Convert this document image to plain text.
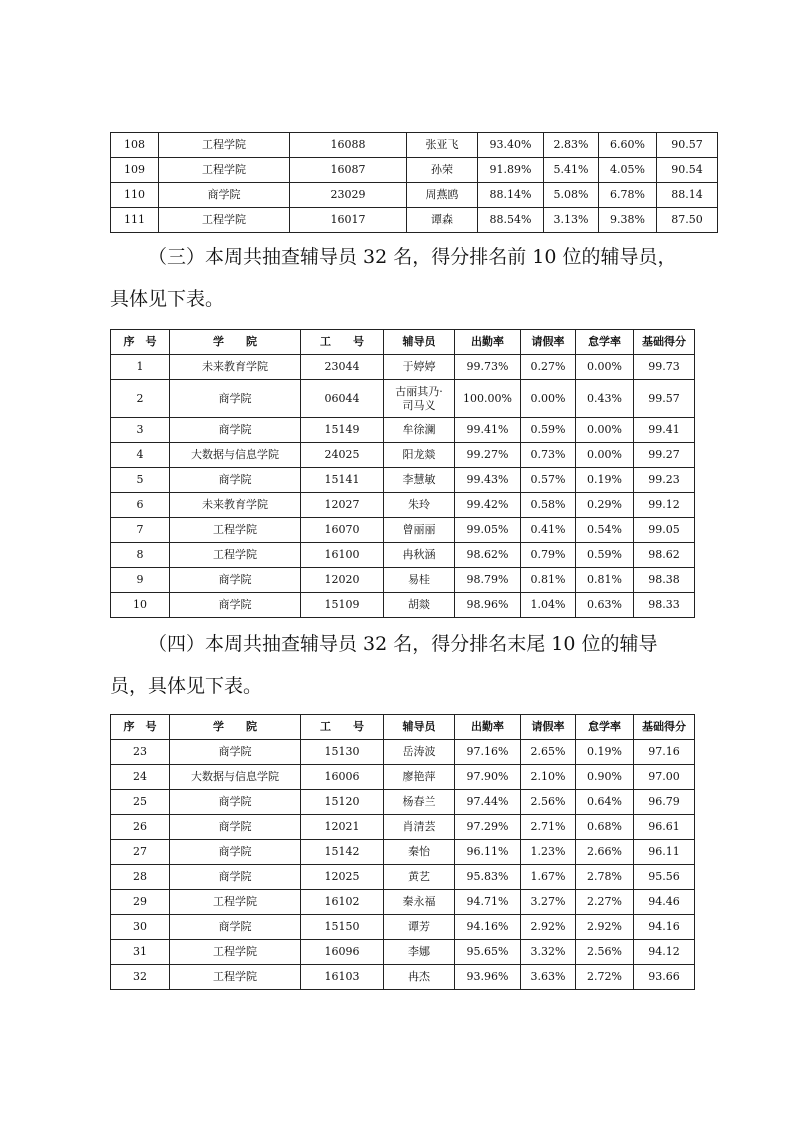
108	工程学院	16088	张亚飞	93.40%	2.83%	6.60%	90.57
109	工程学院	16087	孙荣	91.89%	5.41%	4.05%	90.54
110	商学院	23029	周燕鸥	88.14%	5.08%	6.78%	88.14
111	工程学院	16017	谭森	88.54%	3.13%	9.38%	87.50
（三）本周共抽查辅导员 32 名，得分排名前 10 位的辅导员，
具体见下表。
序　号	学　　院	工　　号	辅导员	出勤率	请假率	怠学率	基础得分
1	未来教育学院	23044	于婷婷	99.73%	0.27%	0.00%	99.73
2	商学院	06044	古丽其乃·司马义	100.00%	0.00%	0.43%	99.57
3	商学院	15149	牟徐澜	99.41%	0.59%	0.00%	99.41
4	大数据与信息学院	24025	阳龙燚	99.27%	0.73%	0.00%	99.27
5	商学院	15141	李慧敏	99.43%	0.57%	0.19%	99.23
6	未来教育学院	12027	朱玲	99.42%	0.58%	0.29%	99.12
7	工程学院	16070	曾丽丽	99.05%	0.41%	0.54%	99.05
8	工程学院	16100	冉秋涵	98.62%	0.79%	0.59%	98.62
9	商学院	12020	易桂	98.79%	0.81%	0.81%	98.38
10	商学院	15109	胡燚	98.96%	1.04%	0.63%	98.33
（四）本周共抽查辅导员 32 名，得分排名末尾 10 位的辅导
员，具体见下表。
序　号	学　　院	工　　号	辅导员	出勤率	请假率	怠学率	基础得分
23	商学院	15130	岳涛波	97.16%	2.65%	0.19%	97.16
24	大数据与信息学院	16006	廖艳萍	97.90%	2.10%	0.90%	97.00
25	商学院	15120	杨春兰	97.44%	2.56%	0.64%	96.79
26	商学院	12021	肖清芸	97.29%	2.71%	0.68%	96.61
27	商学院	15142	秦怡	96.11%	1.23%	2.66%	96.11
28	商学院	12025	黄艺	95.83%	1.67%	2.78%	95.56
29	工程学院	16102	秦永福	94.71%	3.27%	2.27%	94.46
30	商学院	15150	谭芳	94.16%	2.92%	2.92%	94.16
31	工程学院	16096	李娜	95.65%	3.32%	2.56%	94.12
32	工程学院	16103	冉杰	93.96%	3.63%	2.72%	93.66
